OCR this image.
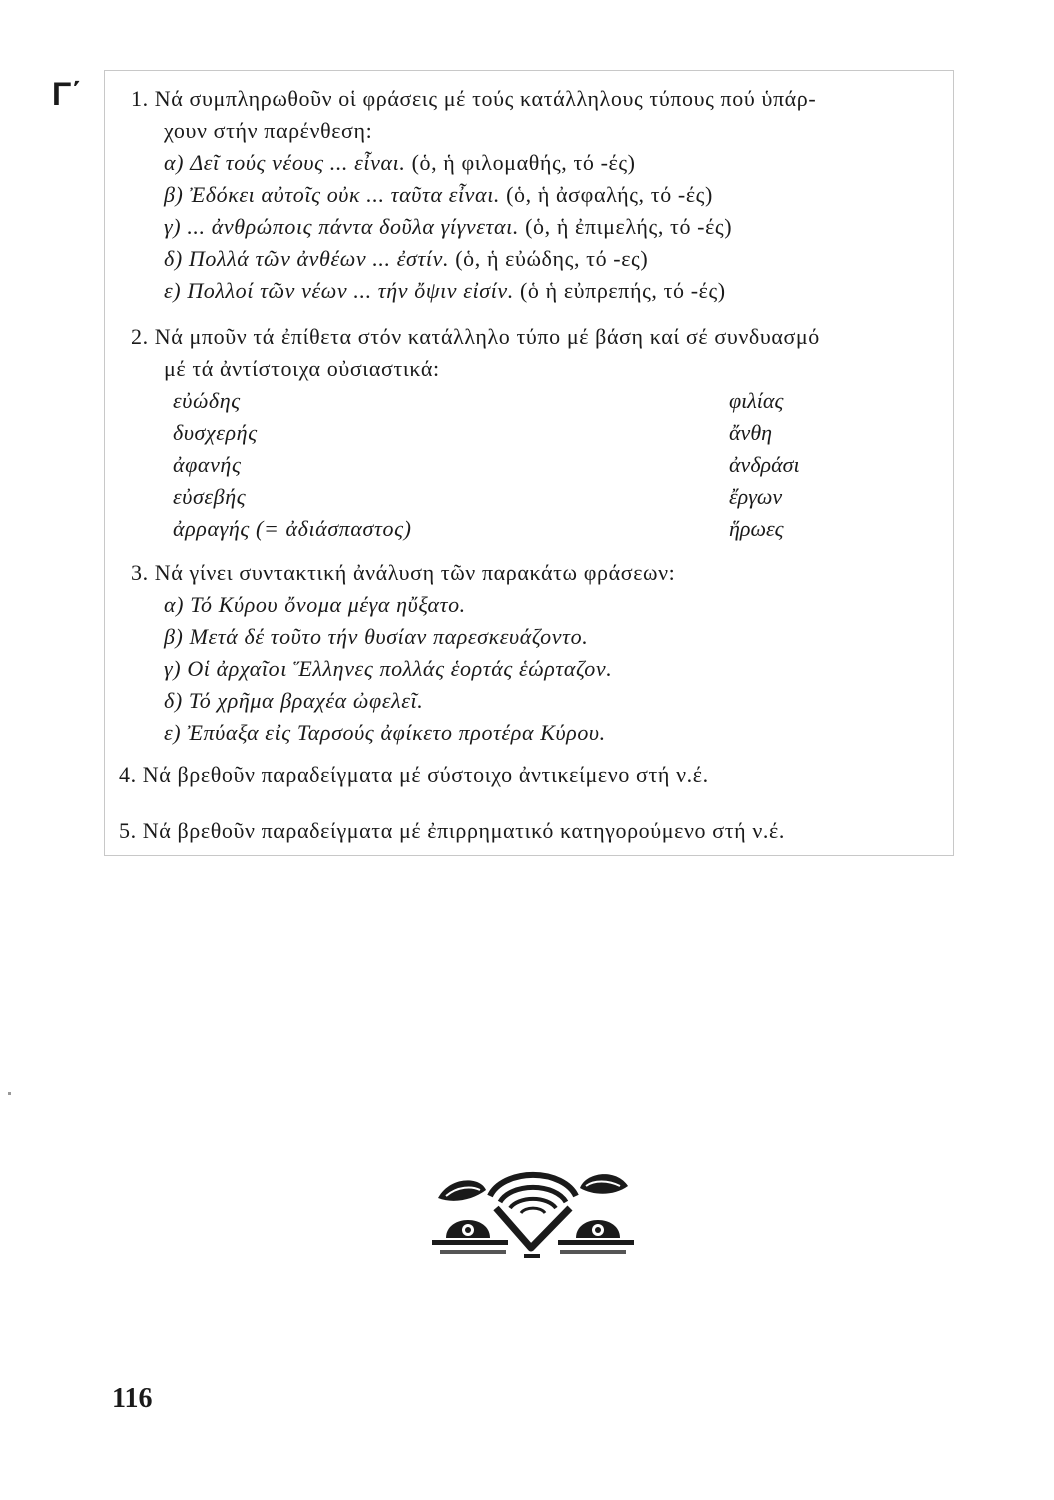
Γ΄ 1. Νά συμπληρωθοῦν οἱ φράσεις μέ τούς κατάλληλους τύπους πού ὑπάρ-
χουν στήν παρένθεση:
α) Δεῖ τούς νέους ... εἶναι. (ὁ, ἡ φιλομαθής, τό -ές)
β) Ἐδόκει αὐτοῖς οὐκ ... ταῦτα εἶναι. (ὁ, ἡ ἀσφαλής, τό -ές)
γ) ... ἀνθρώποις πάντα δοῦλα γίγνεται. (ὁ, ἡ ἐπιμελής, τό -ές)
δ) Πολλά τῶν ἀνθέων ... ἐστίν. (ὁ, ἡ εὐώδης, τό -ες)
ε) Πολλοί τῶν νέων ... τήν ὄψιν εἰσίν. (ὁ ἡ εὐπρεπής, τό -ές)
2. Νά μποῦν τά ἐπίθετα στόν κατάλληλο τύπο μέ βάση καί σέ συνδυασμό
μέ τά ἀντίστοιχα οὐσιαστικά:
εὐώδης
δυσχερής
ἀφανής
εὐσεβής
ἀρραγής (= ἀδιάσπαστος)
φιλίας
ἄνθη
ἀνδράσι
ἔργων
ἥρωες
3. Νά γίνει συντακτική ἀνάλυση τῶν παρακάτω φράσεων:
α) Τό Κύρου ὄνομα μέγα ηὔξατο.
β) Μετά δέ τοῦτο τήν θυσίαν παρεσκευάζοντο.
γ) Οἱ ἀρχαῖοι Ἕλληνες πολλάς ἑορτάς ἑώρταζον.
δ) Τό χρῆμα βραχέα ὠφελεῖ.
ε) Ἐπύαξα εἰς Ταρσούς ἀφίκετο προτέρα Κύρου.
4. Νά βρεθοῦν παραδείγματα μέ σύστοιχο ἀντικείμενο στή ν.έ.
5. Νά βρεθοῦν παραδείγματα μέ ἐπιρρηματικό κατηγορούμενο στή ν.έ.
116
